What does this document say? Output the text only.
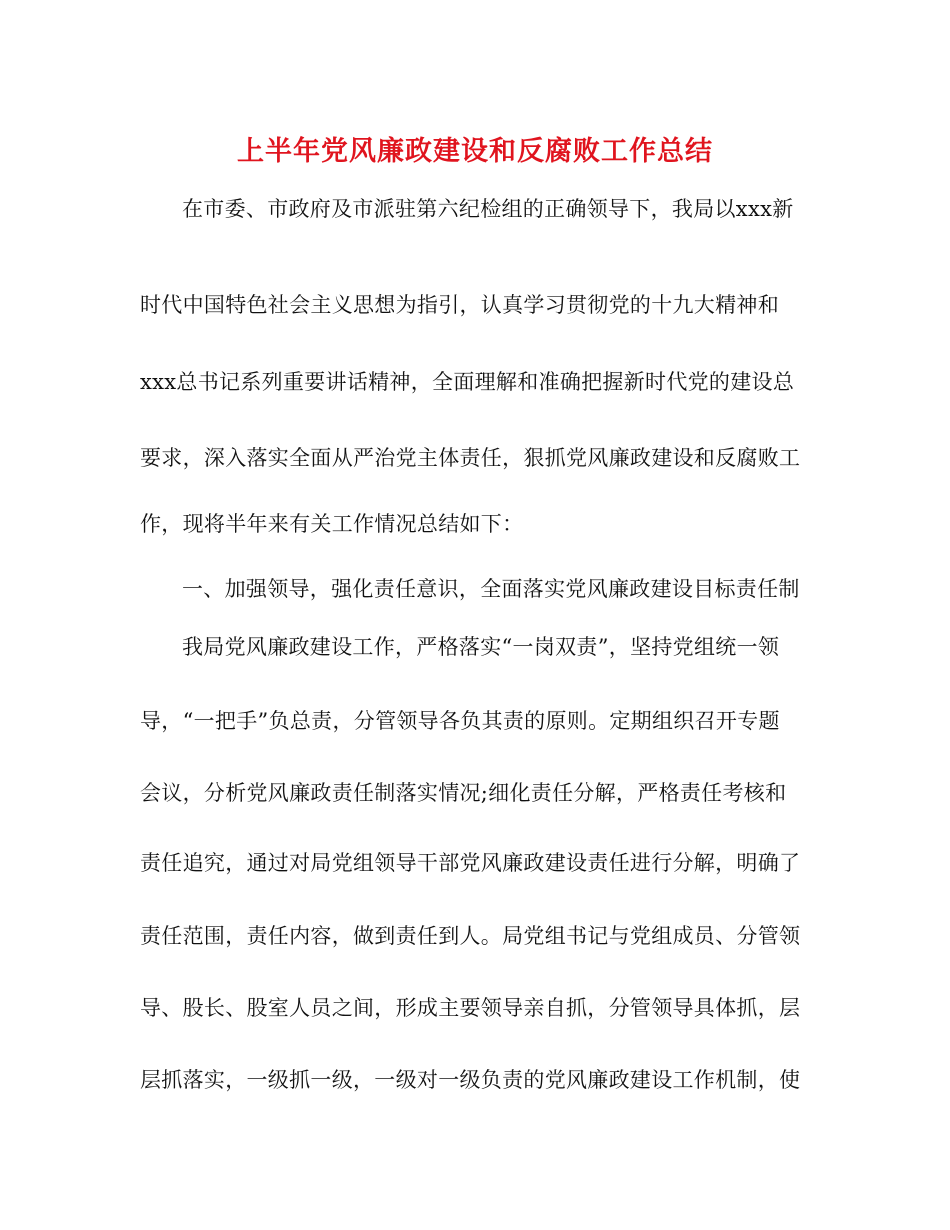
上半年党风廉政建设和反腐败工作总结
在市委、市政府及市派驻第六纪检组的正确领导下，我局以xxx新
时代中国特色社会主义思想为指引，认真学习贯彻党的十九大精神和
xxx总书记系列重要讲话精神，全面理解和准确把握新时代党的建设总
要求，深入落实全面从严治党主体责任，狠抓党风廉政建设和反腐败工
作，现将半年来有关工作情况总结如下：
一、加强领导，强化责任意识，全面落实党风廉政建设目标责任制
我局党风廉政建设工作，严格落实“一岗双责”，坚持党组统一领
导，“一把手”负总责，分管领导各负其责的原则。定期组织召开专题
会议，分析党风廉政责任制落实情况;细化责任分解，严格责任考核和
责任追究，通过对局党组领导干部党风廉政建设责任进行分解，明确了
责任范围，责任内容，做到责任到人。局党组书记与党组成员、分管领
导、股长、股室人员之间，形成主要领导亲自抓，分管领导具体抓，层
层抓落实，一级抓一级，一级对一级负责的党风廉政建设工作机制，使
